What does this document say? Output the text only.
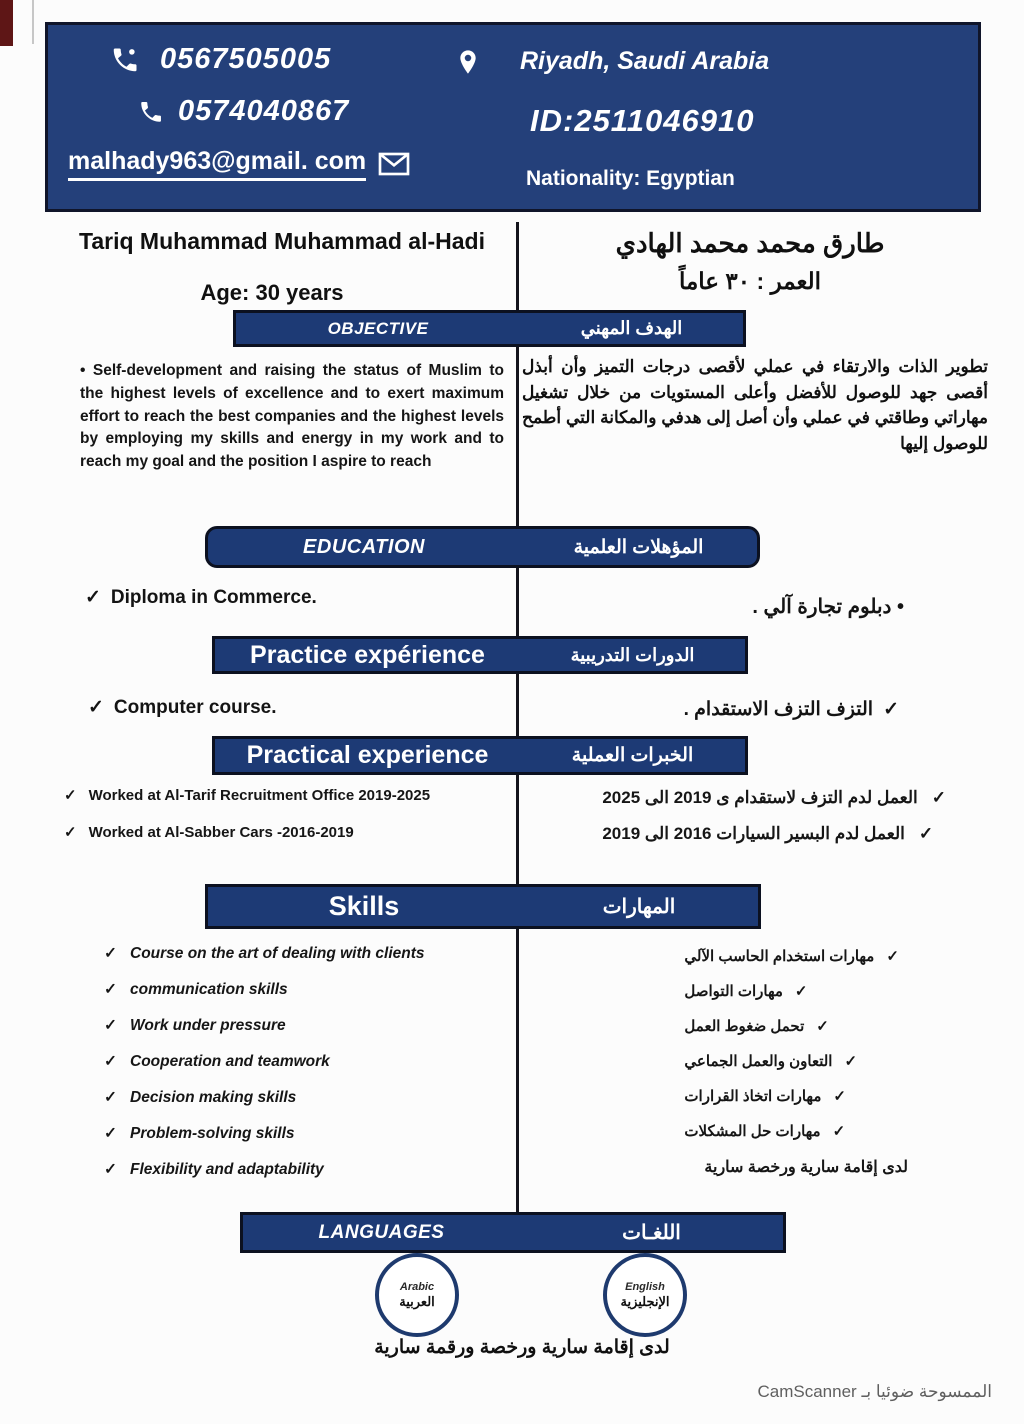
0567505005
0574040867
malhady963@gmail. com
Riyadh, Saudi Arabia
ID:2511046910
Nationality: Egyptian
Tariq Muhammad Muhammad al-Hadi
Age: 30 years
طارق محمد محمد الهادي
العمر : ٣٠ عاماً
OBJECTIVE	الهدف المهني
• Self-development and raising the status of Muslim to the highest levels of excellence and to exert maximum effort to reach the best companies and the highest levels by employing my skills and energy in my work and to reach my goal and the position I aspire to reach
تطوير الذات والارتقاء في عملي لأقصى درجات التميز وأن أبذل أقصى جهد للوصول للأفضل وأعلى المستويات من خلال تشغيل مهاراتي وطاقتي في عملي وأن أصل إلى هدفي والمكانة التي أطمح للوصول إليها
EDUCATION	المؤهلات العلمية
✓ Diploma in Commerce.	• دبلوم تجارة آلي .
Practice expérience	الدورات التدريبية
✓ Computer course.	✓
التزف التزف الاستقدام .
Practical experience	الخبرات العملية
✓ Worked at Al-Tarif Recruitment Office 2019-2025
✓ Worked at Al-Sabber Cars -2016-2019
✓
العمل لدم التزف لاستقدام ى 2019 الى 2025
✓
العمل لدم البسير السيارات 2016 الى 2019
Skills	المهارات
✓ Course on the art of dealing with clients
✓ communication skills
✓ Work under pressure
✓ Cooperation and teamwork
✓ Decision making skills
✓ Problem-solving skills
✓ Flexibility and adaptability
✓
مهارات استخدام الحاسب الآلي
✓
مهارات التواصل
✓
تحمل ضغوط العمل
✓
التعاون والعمل الجماعي
✓
مهارات اتخاذ القرارات
✓
مهارات حل المشكلات
لدى إقامة سارية ورخصة سارية
LANGUAGES	اللغـات
Arabic
العربية
English
الإنجليزية
لدى إقامة سارية ورخصة ورقمة سارية
الممسوحة ضوئيا بـ CamScanner
